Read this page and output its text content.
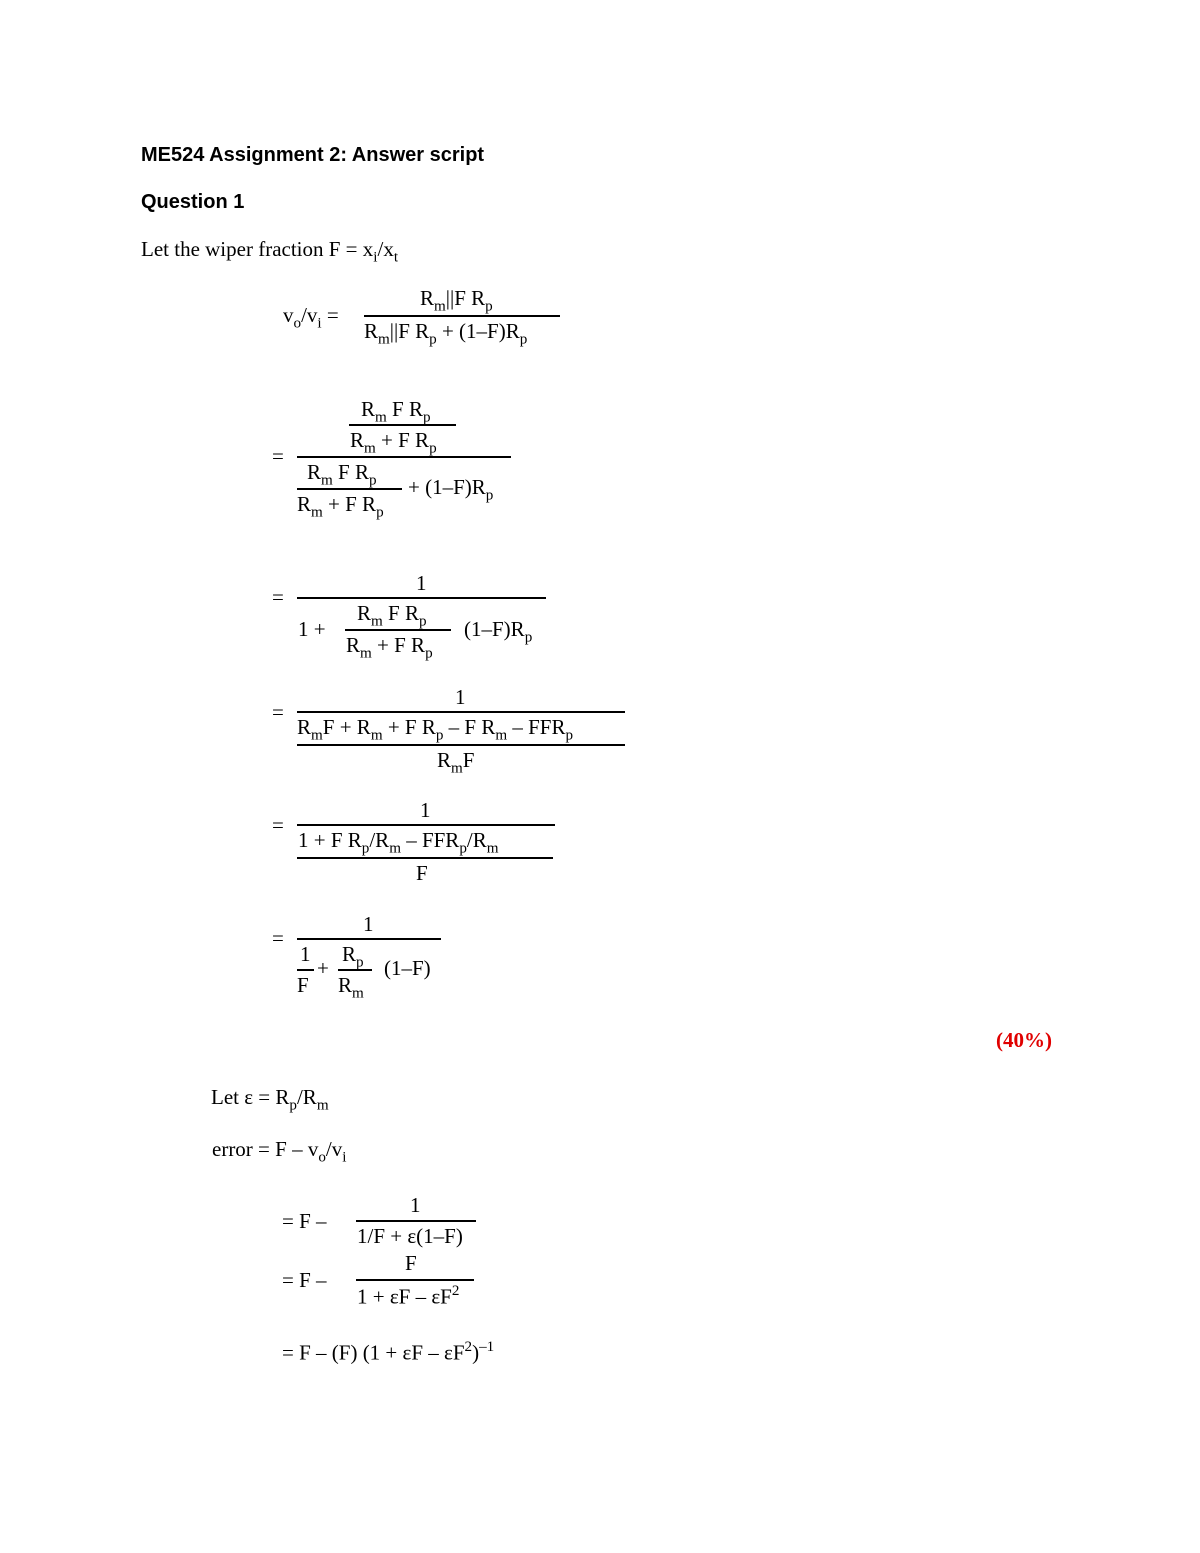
ME524 Assignment 2: Answer script
Question 1
Let the wiper fraction $F = x_i/x_t$
$v_o/v_i$ =
$R_m||F$ $R_p$
$R_m||F$ $R_p + (1-F)R_p$
=
$R_m$ F $R_p$
$R_m + F$ $R_p$
$R_m$ F $R_p$
$R_m + F$ $R_p$
+ $(1-F)R_p$
=
1
1 +
$R_m$ F $R_p$
$R_m + F$ $R_p$
$(1-F)R_p$
=
1
$R_mF + R_m + F$ $R_p$ – F $R_m - FFR_p$
$R_mF$
=
1
1 + F $R_p/R_m - FFR_p/R_m$
F
=
1
1
F
+
$R_p$
$R_m$
(1–F)
(40%)
Let $\varepsilon = R_p/R_m$
error = F – $v_o/v_i$
= F –
1
1/F + ε(1–F)
= F –
F
$1 + \varepsilon F - \varepsilon F^2$
= F – (F) $(1 + \varepsilon F - \varepsilon F^2)^{-1}$
